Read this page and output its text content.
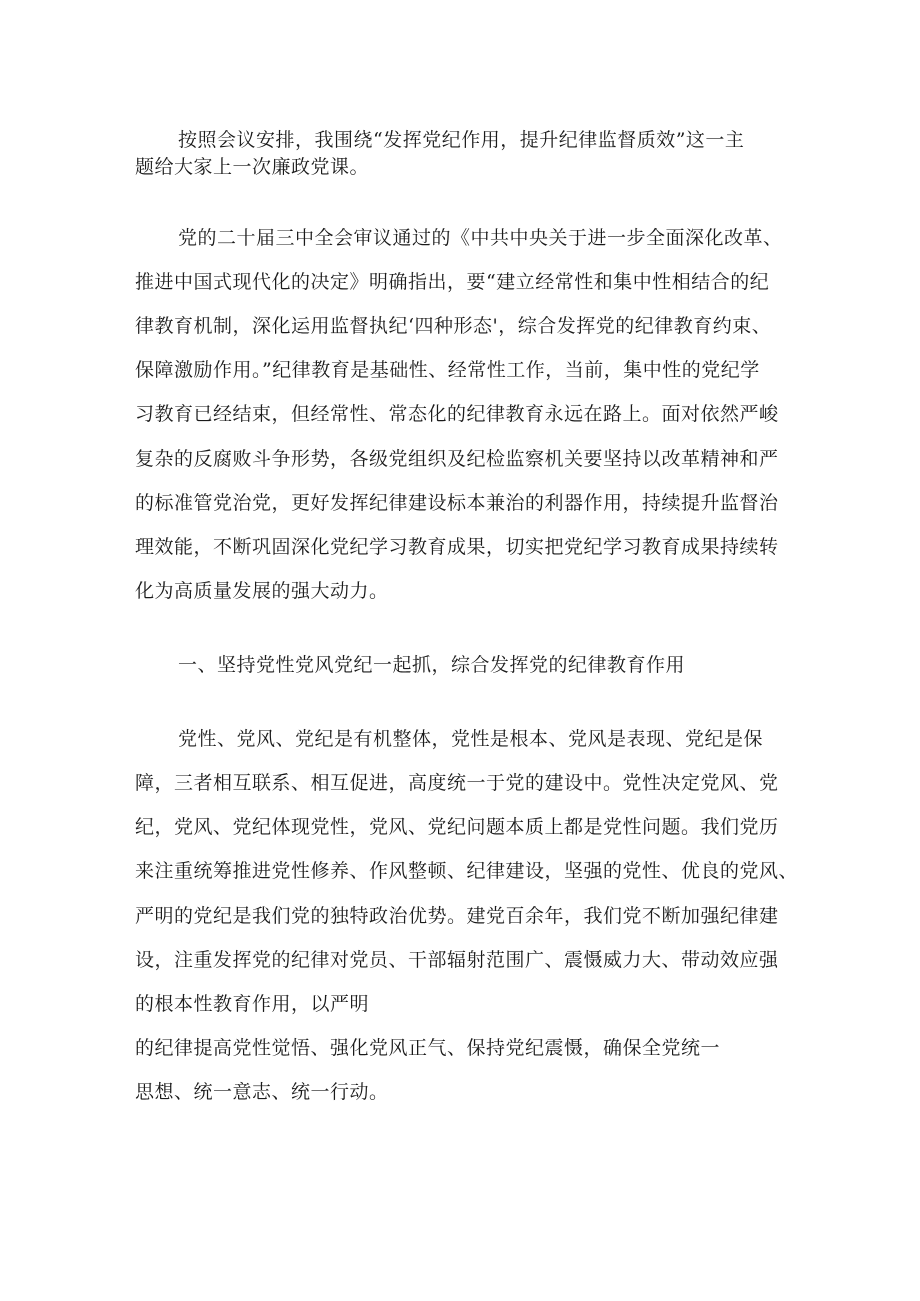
按照会议安排，我围绕“发挥党纪作用，提升纪律监督质效”这一主
题给大家上一次廉政党课。
党的二十届三中全会审议通过的《中共中央关于进一步全面深化改革、
推进中国式现代化的决定》明确指出，要“建立经常性和集中性相结合的纪
律教育机制，深化运用监督执纪‘四种形态'，综合发挥党的纪律教育约束、
保障激励作用。”纪律教育是基础性、经常性工作，当前，集中性的党纪学
习教育已经结束，但经常性、常态化的纪律教育永远在路上。面对依然严峻
复杂的反腐败斗争形势，各级党组织及纪检监察机关要坚持以改革精神和严
的标准管党治党，更好发挥纪律建设标本兼治的利器作用，持续提升监督治
理效能，不断巩固深化党纪学习教育成果，切实把党纪学习教育成果持续转
化为高质量发展的强大动力。
一、坚持党性党风党纪一起抓，综合发挥党的纪律教育作用
党性、党风、党纪是有机整体，党性是根本、党风是表现、党纪是保
障，三者相互联系、相互促进，高度统一于党的建设中。党性决定党风、党
纪，党风、党纪体现党性，党风、党纪问题本质上都是党性问题。我们党历
来注重统筹推进党性修养、作风整顿、纪律建设，坚强的党性、优良的党风、
严明的党纪是我们党的独特政治优势。建党百余年，我们党不断加强纪律建
设，注重发挥党的纪律对党员、干部辐射范围广、震慑威力大、带动效应强
的根本性教育作用，以严明
的纪律提高党性觉悟、强化党风正气、保持党纪震慑，确保全党统一
思想、统一意志、统一行动。
